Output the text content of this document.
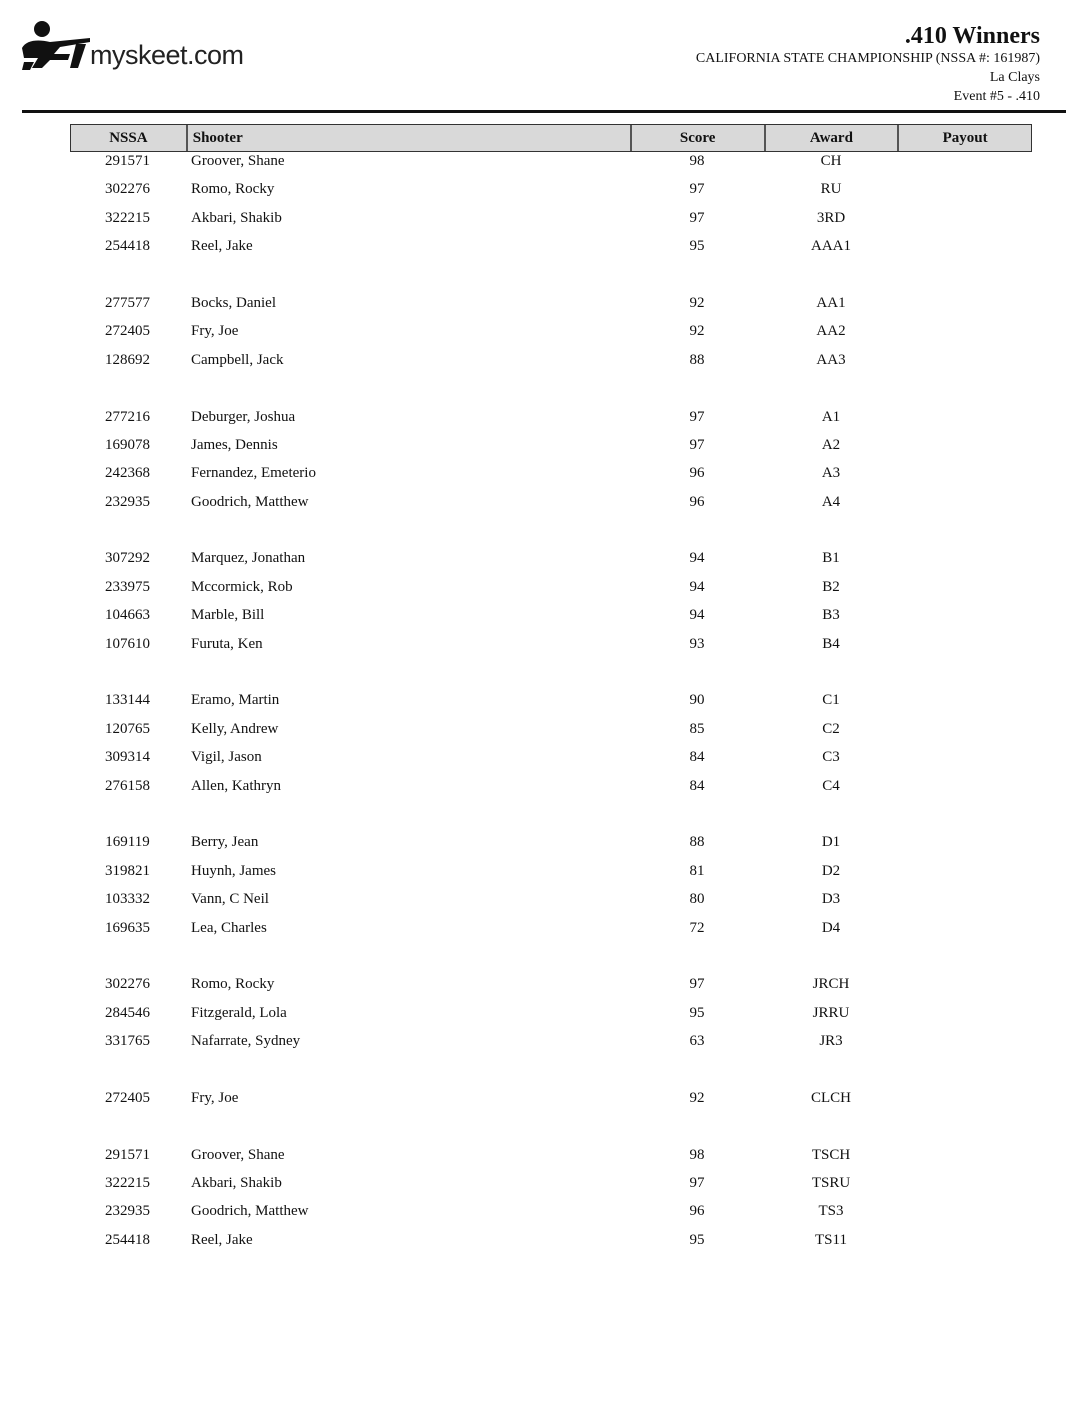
myskeet.com
.410 Winners
CALIFORNIA STATE CHAMPIONSHIP (NSSA #: 161987)
La Clays
Event #5 - .410
NSSA	Shooter	Score	Award	Payout
291571	Groover, Shane	98	CH
302276	Romo, Rocky	97	RU
322215	Akbari, Shakib	97	3RD
254418	Reel, Jake	95	AAA1
277577	Bocks, Daniel	92	AA1
272405	Fry, Joe	92	AA2
128692	Campbell, Jack	88	AA3
277216	Deburger, Joshua	97	A1
169078	James, Dennis	97	A2
242368	Fernandez, Emeterio	96	A3
232935	Goodrich, Matthew	96	A4
307292	Marquez, Jonathan	94	B1
233975	Mccormick, Rob	94	B2
104663	Marble, Bill	94	B3
107610	Furuta, Ken	93	B4
133144	Eramo, Martin	90	C1
120765	Kelly, Andrew	85	C2
309314	Vigil, Jason	84	C3
276158	Allen, Kathryn	84	C4
169119	Berry, Jean	88	D1
319821	Huynh, James	81	D2
103332	Vann, C Neil	80	D3
169635	Lea, Charles	72	D4
302276	Romo, Rocky	97	JRCH
284546	Fitzgerald, Lola	95	JRRU
331765	Nafarrate, Sydney	63	JR3
272405	Fry, Joe	92	CLCH
291571	Groover, Shane	98	TSCH
322215	Akbari, Shakib	97	TSRU
232935	Goodrich, Matthew	96	TS3
254418	Reel, Jake	95	TS11
